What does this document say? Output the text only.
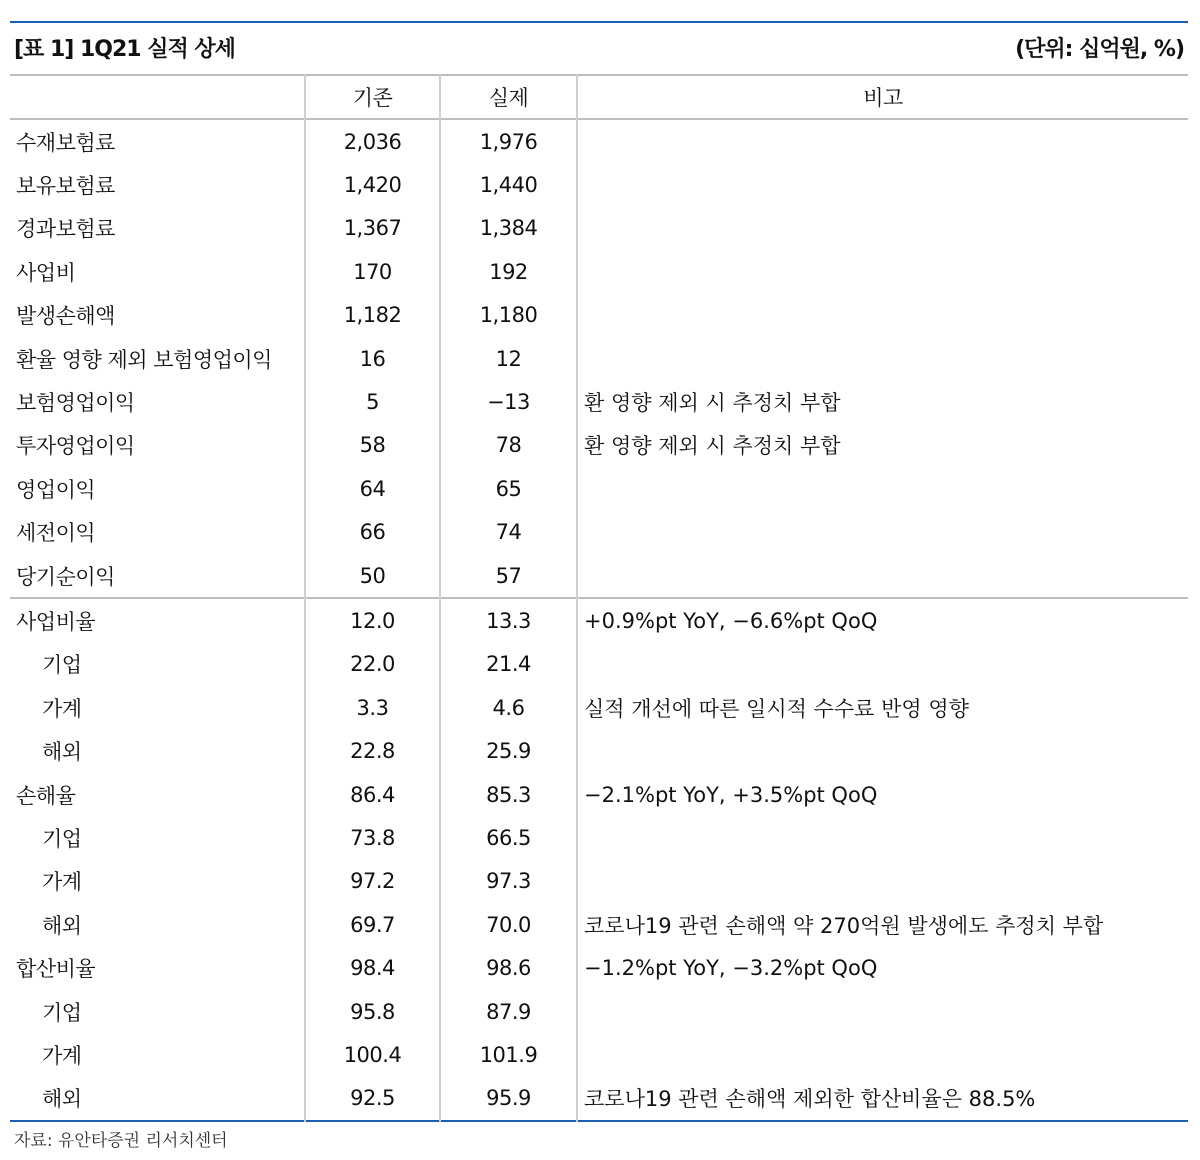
[표 1] 1Q21 실적 상세	(단위: 십억원, %)
	기존	실제	비고
수재보험료	2,036	1,976	
보유보험료	1,420	1,440	
경과보험료	1,367	1,384	
사업비	170	192	
발생손해액	1,182	1,180	
환율 영향 제외 보험영업이익	16	12	
보험영업이익	5	−13	환 영향 제외 시 추정치 부합
투자영업이익	58	78	환 영향 제외 시 추정치 부합
영업이익	64	65	
세전이익	66	74	
당기순이익	50	57	
사업비율	12.0	13.3	+0.9%pt YoY, −6.6%pt QoQ
기업	22.0	21.4	
가계	3.3	4.6	실적 개선에 따른 일시적 수수료 반영 영향
해외	22.8	25.9	
손해율	86.4	85.3	−2.1%pt YoY, +3.5%pt QoQ
기업	73.8	66.5	
가계	97.2	97.3	
해외	69.7	70.0	코로나19 관련 손해액 약 270억원 발생에도 추정치 부합
합산비율	98.4	98.6	−1.2%pt YoY, −3.2%pt QoQ
기업	95.8	87.9	
가계	100.4	101.9	
해외	92.5	95.9	코로나19 관련 손해액 제외한 합산비율은 88.5%
자료: 유안타증권 리서치센터
